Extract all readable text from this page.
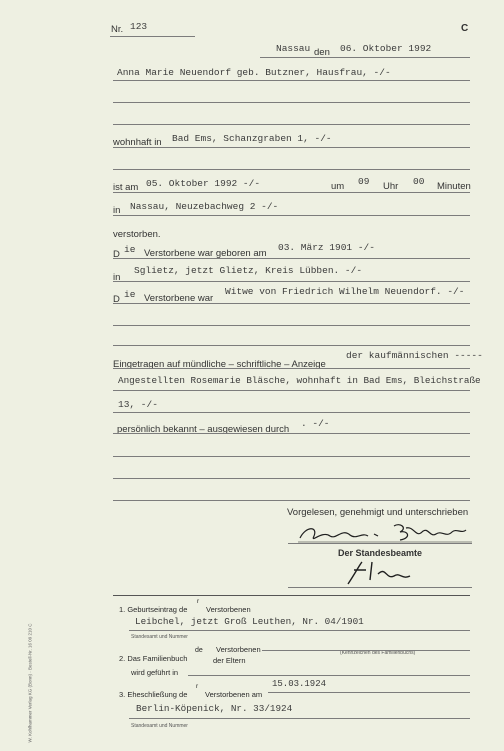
Nr. 123	C
Nassau den 06. Oktober 1992
Anna Marie Neuendorf geb. Butzner, Hausfrau, -/-
wohnhaft in Bad Ems, Schanzgraben 1, -/-
ist am 05. Oktober 1992 -/-	um 09 Uhr 00 Minuten
in Nassau, Neuzebachweg 2 -/-
verstorben.
D ie Verstorbene war geboren am
03. März 1901 -/-
in
Sglietz, jetzt Glietz, Kreis Lübben. -/-
D ie Verstorbene war
Witwe von Friedrich Wilhelm Neuendorf. -/-
Eingetragen auf mündliche – schriftliche – Anzeige
der kaufmännischen -----
Angestellten Rosemarie Bläsche, wohnhaft in Bad Ems, Bleichstraße
13, -/-
persönlich bekannt – ausgewiesen durch
. -/-
Vorgelesen, genehmigt und unterschrieben
Der Standesbeamte
1. Geburtseintrag de
r
Verstorbenen
Leibchel, jetzt Groß Leuthen, Nr. 04/1901
Standesamt und Nummer
2. Das Familienbuch
de Verstorbenen
der Eltern
(Kennzeichen des Familienbuchs)
wird geführt in
3. Eheschließung de
r
Verstorbenen am
15.03.1924
Berlin-Köpenick, Nr. 33/1924
Standesamt und Nummer
W. Kohlhammer Verlag KG (Bonn) · Bestell-Nr. 16 09 210 C
